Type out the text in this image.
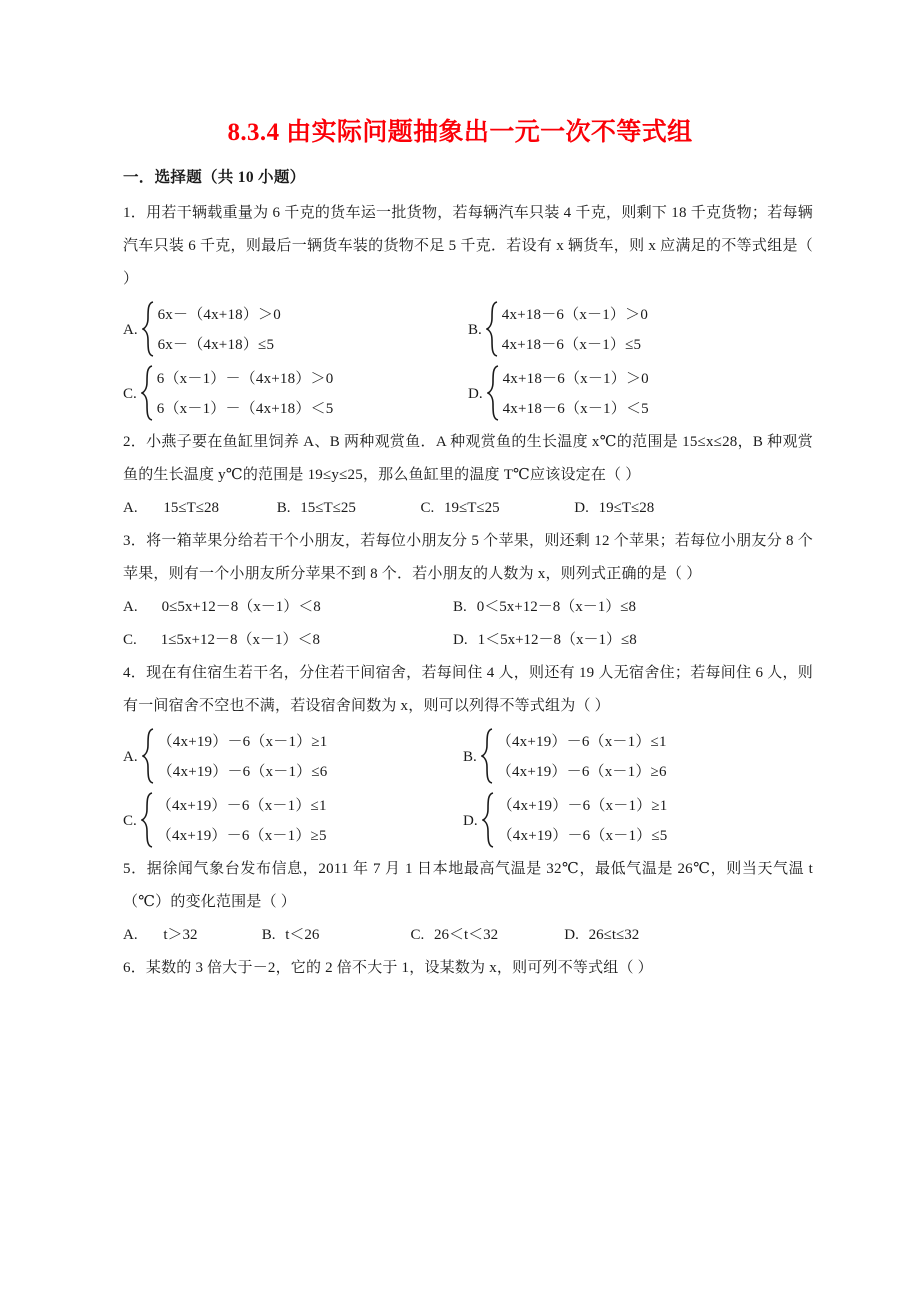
8.3.4 由实际问题抽象出一元一次不等式组
一．选择题（共 10 小题）
1．用若干辆载重量为 6 千克的货车运一批货物，若每辆汽车只装 4 千克，则剩下 18 千克货物；若每辆汽车只装 6 千克，则最后一辆货车装的货物不足 5 千克．若设有 x 辆货车，则 x 应满足的不等式组是（ ）
A.
6x－（4x+18）＞0
6x－（4x+18）≤5
B.
4x+18－6（x－1）＞0
4x+18－6（x－1）≤5
C.
6（x－1）－（4x+18）＞0
6（x－1）－（4x+18）＜5
D.
4x+18－6（x－1）＞0
4x+18－6（x－1）＜5
2．小燕子要在鱼缸里饲养 A、B 两种观赏鱼．A 种观赏鱼的生长温度 x℃的范围是 15≤x≤28，B 种观赏鱼的生长温度 y℃的范围是 19≤y≤25，那么鱼缸里的温度 T℃应该设定在（ ）
A. 15≤T≤28	B. 15≤T≤25	C. 19≤T≤25	D. 19≤T≤28
3．将一箱苹果分给若干个小朋友，若每位小朋友分 5 个苹果，则还剩 12 个苹果；若每位小朋友分 8 个苹果，则有一个小朋友所分苹果不到 8 个．若小朋友的人数为 x，则列式正确的是（ ）
A.	0≤5x+12－8（x－1）＜8	B. 0＜5x+12－8（x－1）≤8
C.	1≤5x+12－8（x－1）＜8	D. 1＜5x+12－8（x－1）≤8
4．现在有住宿生若干名，分住若干间宿舍，若每间住 4 人，则还有 19 人无宿舍住；若每间住 6 人，则有一间宿舍不空也不满，若设宿舍间数为 x，则可以列得不等式组为（ ）
A.
（4x+19）－6（x－1）≥1
（4x+19）－6（x－1）≤6
B.
（4x+19）－6（x－1）≤1
（4x+19）－6（x－1）≥6
C.
（4x+19）－6（x－1）≤1
（4x+19）－6（x－1）≥5
D.
（4x+19）－6（x－1）≥1
（4x+19）－6（x－1）≤5
5．据徐闻气象台发布信息，2011 年 7 月 1 日本地最高气温是 32℃，最低气温是 26℃，则当天气温 t（℃）的变化范围是（ ）
A. t＞32	B. t＜26	C. 26＜t＜32	D. 26≤t≤32
6．某数的 3 倍大于－2，它的 2 倍不大于 1，设某数为 x，则可列不等式组（ ）
